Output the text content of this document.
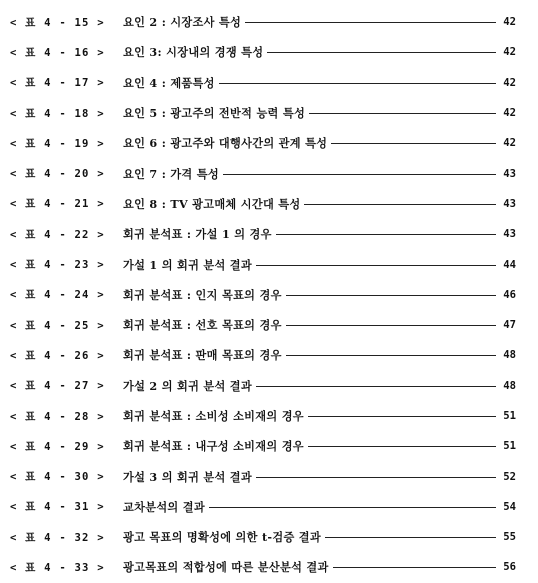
< 표 4 - 15 >	요인 2 : 시장조사 특성	42
< 표 4 - 16 >	요인 3: 시장내의 경쟁 특성	42
< 표 4 - 17 >	요인 4 : 제품특성	42
< 표 4 - 18 >	요인 5 : 광고주의 전반적 능력 특성	42
< 표 4 - 19 >	요인 6 : 광고주와 대행사간의 관계 특성	42
< 표 4 - 20 >	요인 7 : 가격 특성	43
< 표 4 - 21 >	요인 8 : TV 광고매체 시간대 특성	43
< 표 4 - 22 >	회귀 분석표 : 가설 1 의 경우	43
< 표 4 - 23 >	가설 1 의 회귀 분석 결과	44
< 표 4 - 24 >	회귀 분석표 : 인지 목표의 경우	46
< 표 4 - 25 >	회귀 분석표 : 선호 목표의 경우	47
< 표 4 - 26 >	회귀 분석표 : 판매 목표의 경우	48
< 표 4 - 27 >	가설 2 의 회귀 분석 결과	48
< 표 4 - 28 >	회귀 분석표 : 소비성 소비재의 경우	51
< 표 4 - 29 >	회귀 분석표 : 내구성 소비재의 경우	51
< 표 4 - 30 >	가설 3 의 회귀 분석 결과	52
< 표 4 - 31 >	교차분석의 결과	54
< 표 4 - 32 >	광고 목표의 명확성에 의한 t-검증 결과	55
< 표 4 - 33 >	광고목표의 적합성에 따른 분산분석 결과	56
